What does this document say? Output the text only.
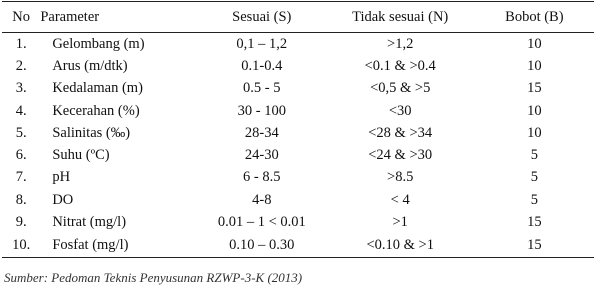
No	Parameter	Sesuai (S)	Tidak sesuai (N)	Bobot (B)
1.	Gelombang (m)	0,1 – 1,2	>1,2	10
2.	Arus (m/dtk)	0.1-0.4	<0.1 & >0.4	10
3.	Kedalaman (m)	0.5 - 5	<0,5 & >5	15
4.	Kecerahan (%)	30 - 100	<30	10
5.	Salinitas (‰)	28-34	<28 & >34	10
6.	Suhu (ºC)	24-30	<24 & >30	5
7.	pH	6 - 8.5	>8.5	5
8.	DO	4-8	< 4	5
9.	Nitrat (mg/l)	0.01 – 1 < 0.01	>1	15
10.	Fosfat (mg/l)	0.10 – 0.30	<0.10 & >1	15
Sumber: Pedoman Teknis Penyusunan RZWP-3-K (2013)
